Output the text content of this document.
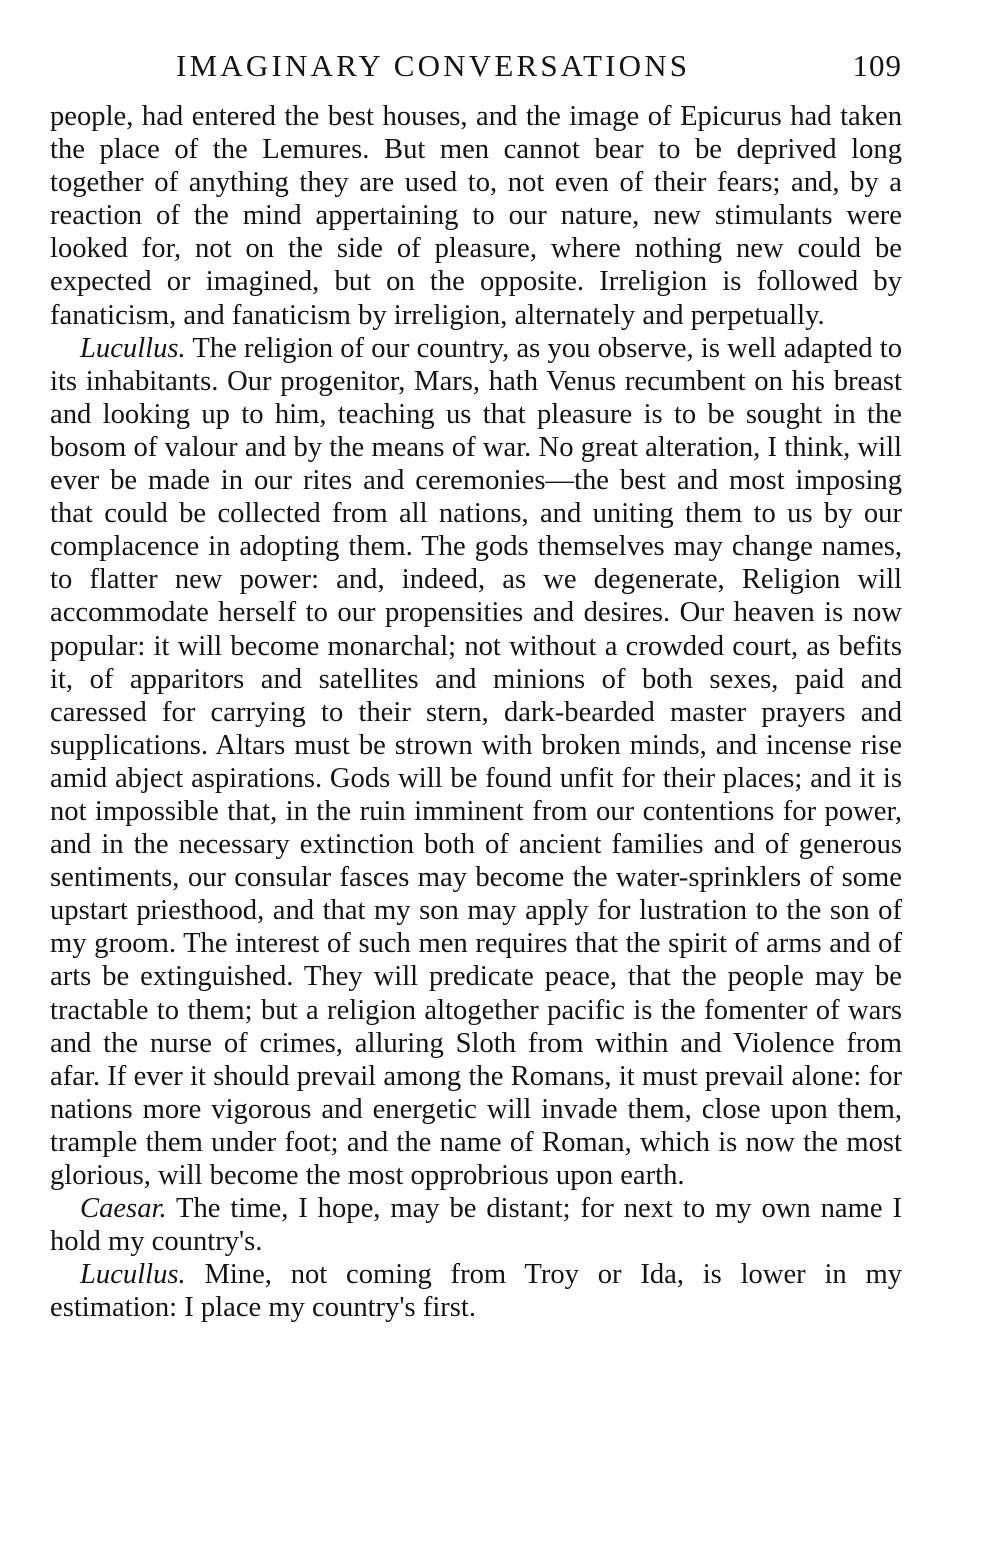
IMAGINARY CONVERSATIONS	109

people, had entered the best houses, and the image of Epicurus had taken the place of the Lemures. But men cannot bear to be deprived long together of anything they are used to, not even of their fears; and, by a reaction of the mind appertaining to our nature, new stimulants were looked for, not on the side of pleasure, where nothing new could be expected or imagined, but on the opposite. Irreligion is followed by fanaticism, and fanaticism by irreligion, alternately and perpetually.

Lucullus. The religion of our country, as you observe, is well adapted to its inhabitants. Our progenitor, Mars, hath Venus recumbent on his breast and looking up to him, teaching us that pleasure is to be sought in the bosom of valour and by the means of war. No great alteration, I think, will ever be made in our rites and ceremonies—the best and most imposing that could be collected from all nations, and uniting them to us by our complacence in adopting them. The gods themselves may change names, to flatter new power: and, indeed, as we degenerate, Religion will accommodate herself to our propensities and desires. Our heaven is now popular: it will become monarchal; not without a crowded court, as befits it, of apparitors and satellites and minions of both sexes, paid and caressed for carrying to their stern, dark-bearded master prayers and supplications. Altars must be strown with broken minds, and incense rise amid abject aspirations. Gods will be found unfit for their places; and it is not impossible that, in the ruin imminent from our contentions for power, and in the necessary extinction both of ancient families and of generous sentiments, our consular fasces may become the water-sprinklers of some upstart priesthood, and that my son may apply for lustration to the son of my groom. The interest of such men requires that the spirit of arms and of arts be extinguished. They will predicate peace, that the people may be tractable to them; but a religion altogether pacific is the fomenter of wars and the nurse of crimes, alluring Sloth from within and Violence from afar. If ever it should prevail among the Romans, it must prevail alone: for nations more vigorous and energetic will invade them, close upon them, trample them under foot; and the name of Roman, which is now the most glorious, will become the most opprobrious upon earth.

Caesar. The time, I hope, may be distant; for next to my own name I hold my country's.

Lucullus. Mine, not coming from Troy or Ida, is lower in my estimation: I place my country's first.
